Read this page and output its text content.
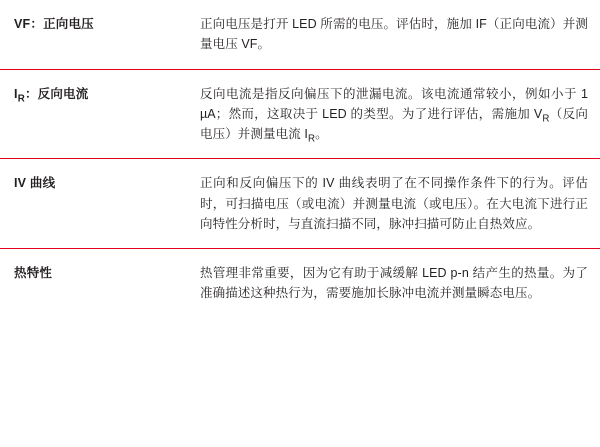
VF：正向电压	正向电压是打开 LED 所需的电压。评估时，施加 IF（正向电流）并测量电压 VF。
$I_R$：反向电流	反向电流是指反向偏压下的泄漏电流。该电流通常较小，例如小于 1 µA；然而，这取决于 LED 的类型。为了进行评估，需施加 $V_R$（反向电压）并测量电流 $I_R$。
IV 曲线	正向和反向偏压下的 IV 曲线表明了在不同操作条件下的行为。评估时，可扫描电压（或电流）并测量电流（或电压）。在大电流下进行正向特性分析时，与直流扫描不同，脉冲扫描可防止自热效应。
热特性	热管理非常重要，因为它有助于减缓解 LED p-n 结产生的热量。为了准确描述这种热行为，需要施加长脉冲电流并测量瞬态电压。
